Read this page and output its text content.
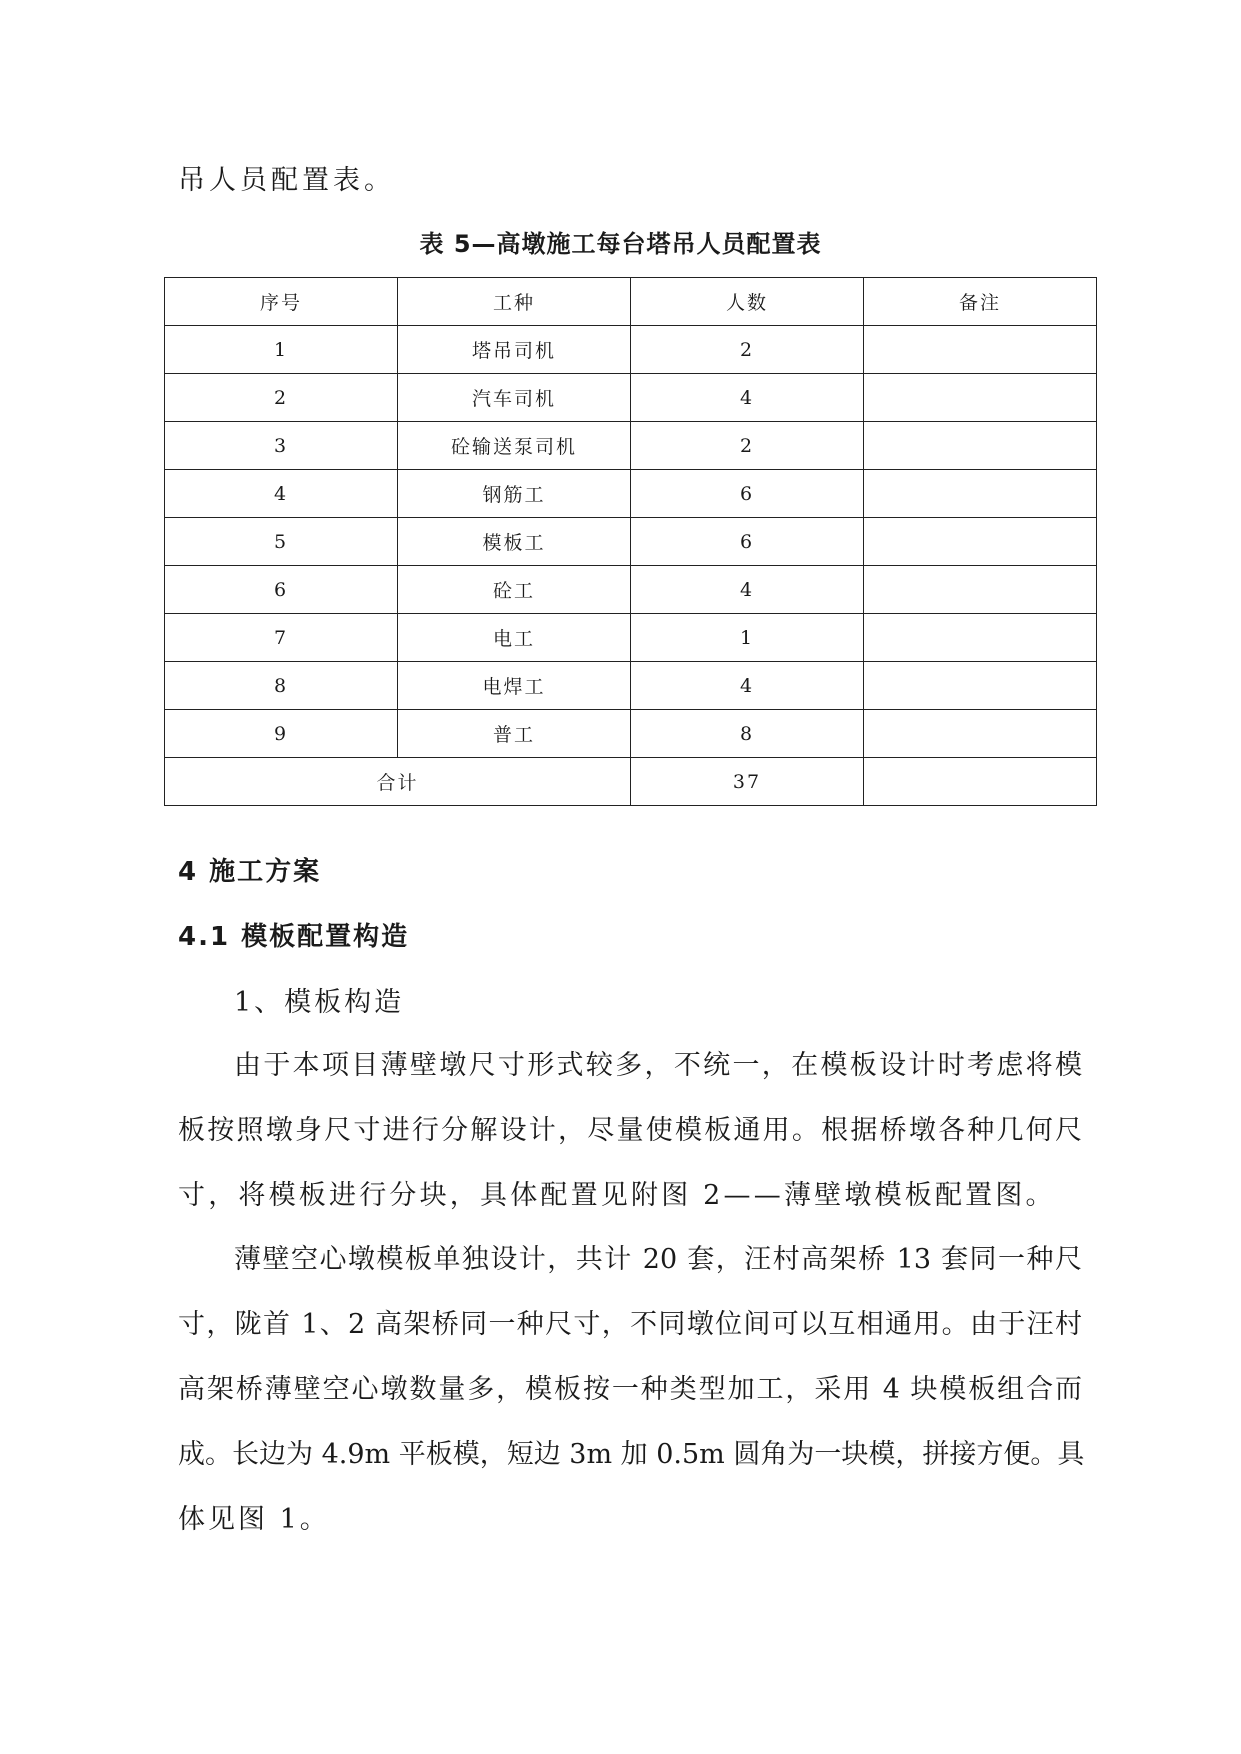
吊人员配置表。

表 5—高墩施工每台塔吊人员配置表

序号	工种	人数	备注
1	塔吊司机	2	
2	汽车司机	4	
3	砼输送泵司机	2	
4	钢筋工	6	
5	模板工	6	
6	砼工	4	
7	电工	1	
8	电焊工	4	
9	普工	8	
合计		37	
4 施工方案
4.1 模板配置构造

1、模板构造

由于本项目薄壁墩尺寸形式较多，不统一，在模板设计时考虑将模

板按照墩身尺寸进行分解设计，尽量使模板通用。根据桥墩各种几何尺

寸，将模板进行分块，具体配置见附图 2——薄壁墩模板配置图。

薄壁空心墩模板单独设计，共计 20 套，汪村高架桥 13 套同一种尺

寸，陇首 1、2 高架桥同一种尺寸，不同墩位间可以互相通用。由于汪村

高架桥薄壁空心墩数量多，模板按一种类型加工，采用 4 块模板组合而

成。长边为 4.9m 平板模，短边 3m 加 0.5m 圆角为一块模，拼接方便。具

体见图 1。
